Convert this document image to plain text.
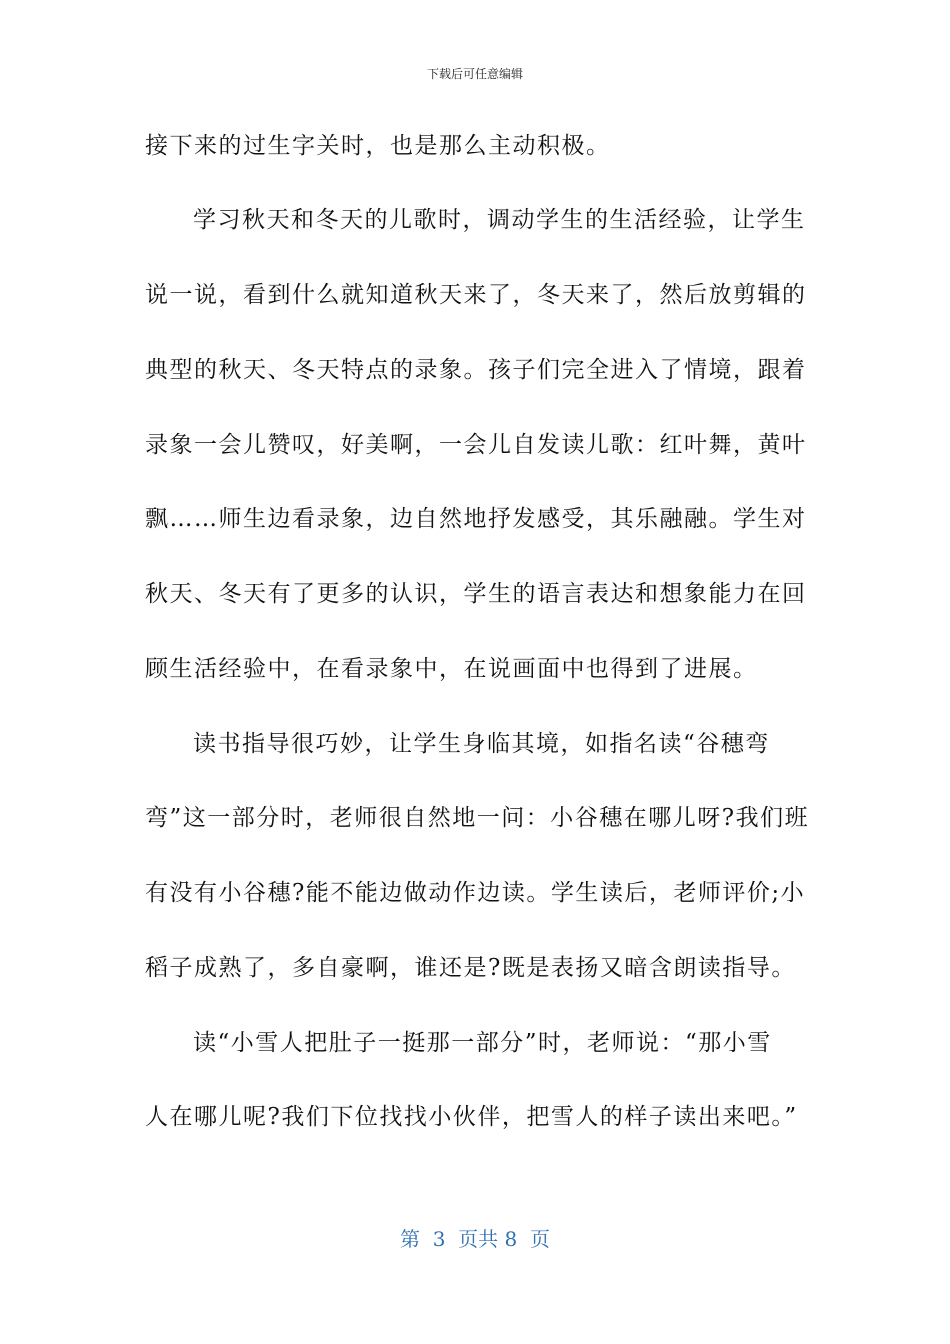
下载后可任意编辑
接下来的过生字关时，也是那么主动积极。
学习秋天和冬天的儿歌时，调动学生的生活经验，让学生
说一说，看到什么就知道秋天来了，冬天来了，然后放剪辑的
典型的秋天、冬天特点的录象。孩子们完全进入了情境，跟着
录象一会儿赞叹，好美啊，一会儿自发读儿歌：红叶舞，黄叶
飘……师生边看录象，边自然地抒发感受，其乐融融。学生对
秋天、冬天有了更多的认识，学生的语言表达和想象能力在回
顾生活经验中，在看录象中，在说画面中也得到了进展。
读书指导很巧妙，让学生身临其境，如指名读“谷穗弯
弯”这一部分时，老师很自然地一问：小谷穗在哪儿呀?我们班
有没有小谷穗?能不能边做动作边读。学生读后，老师评价;小
稻子成熟了，多自豪啊，谁还是?既是表扬又暗含朗读指导。
读“小雪人把肚子一挺那一部分”时，老师说：“那小雪
人在哪儿呢?我们下位找找小伙伴，把雪人的样子读出来吧。”
第  3  页共 8  页
